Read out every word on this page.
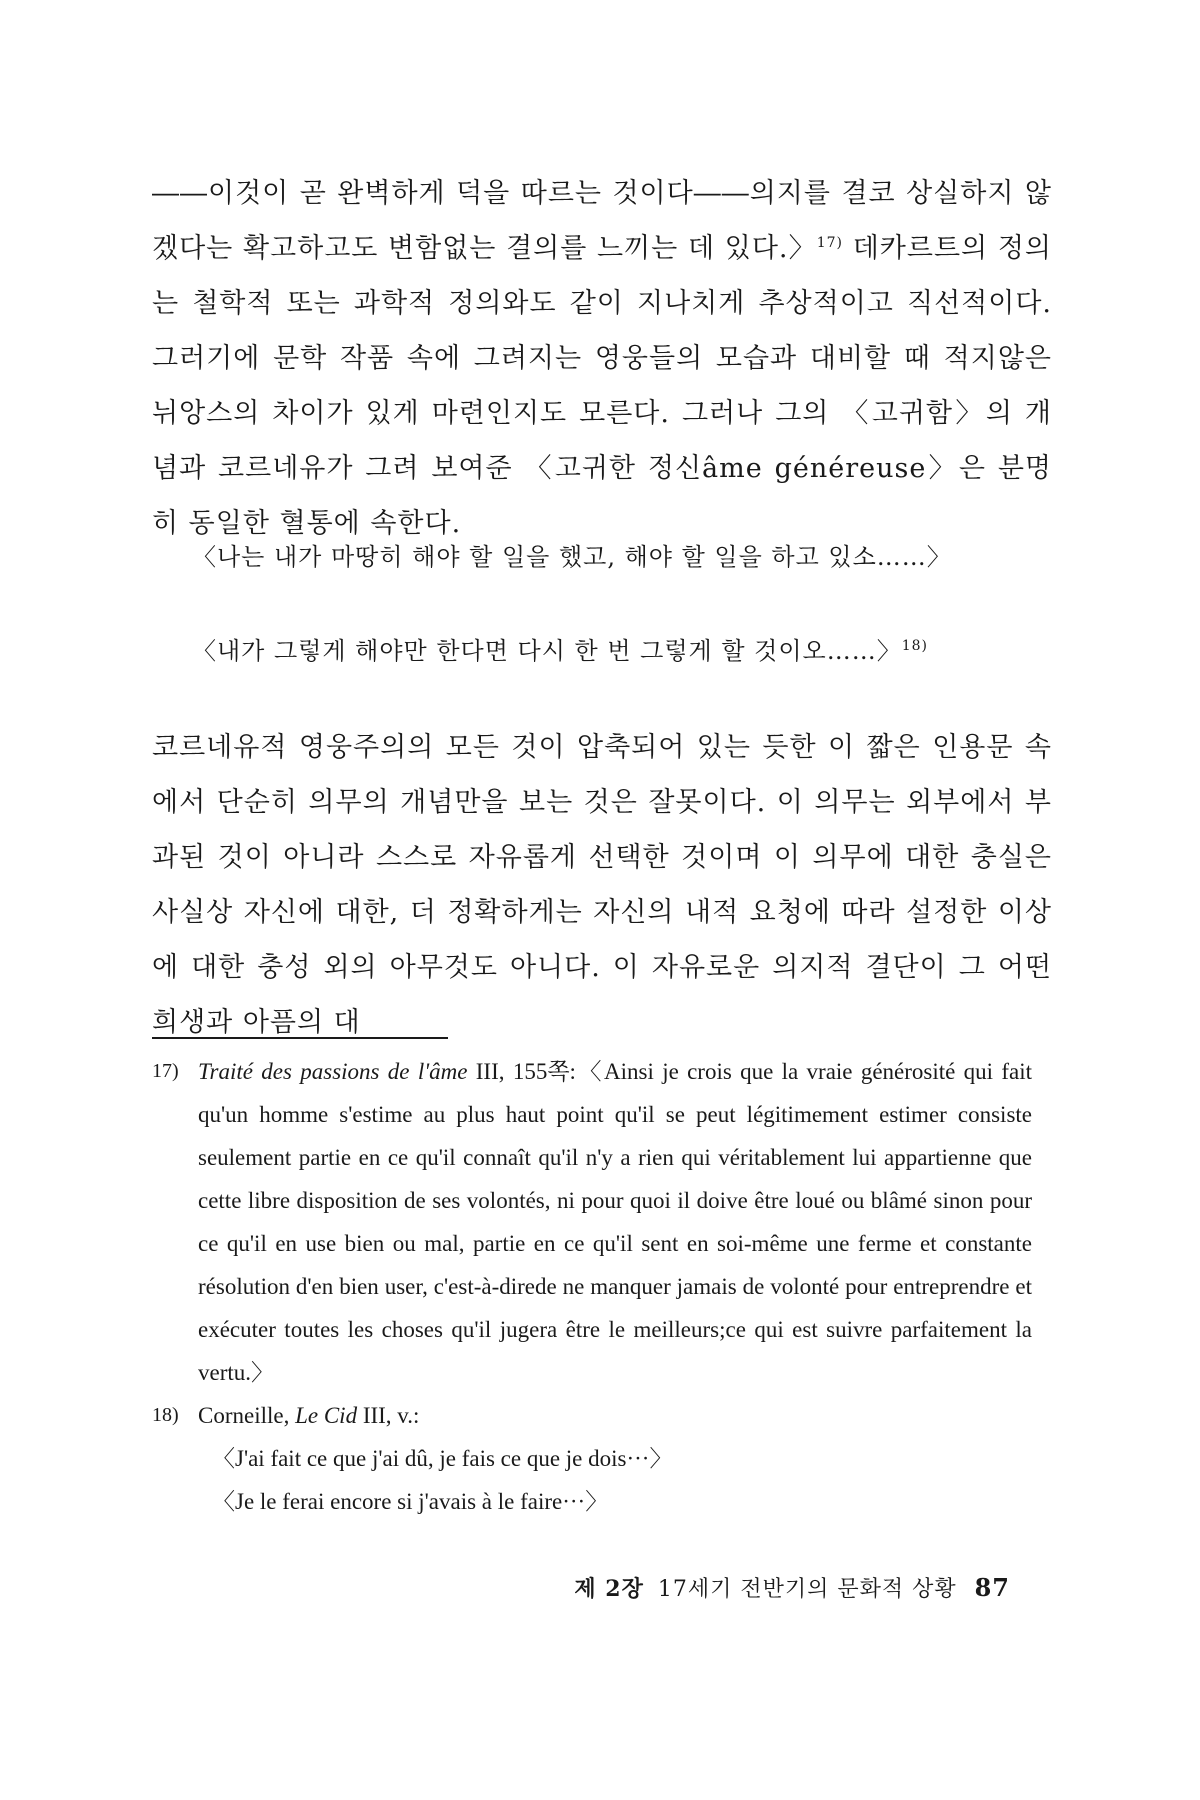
――이것이 곧 완벽하게 덕을 따르는 것이다――의지를 결코 상실하지 않겠다는 확고하고도 변함없는 결의를 느끼는 데 있다.〉$^{17)}$ 데카르트의 정의는 철학적 또는 과학적 정의와도 같이 지나치게 추상적이고 직선적이다. 그러기에 문학 작품 속에 그려지는 영웅들의 모습과 대비할 때 적지않은 뉘앙스의 차이가 있게 마련인지도 모른다. 그러나 그의 〈고귀함〉의 개념과 코르네유가 그려 보여준 〈고귀한 정신âme généreuse〉은 분명히 동일한 혈통에 속한다.

〈나는 내가 마땅히 해야 할 일을 했고, 해야 할 일을 하고 있소……〉

〈내가 그렇게 해야만 한다면 다시 한 번 그렇게 할 것이오……〉$^{18)}$

코르네유적 영웅주의의 모든 것이 압축되어 있는 듯한 이 짧은 인용문 속에서 단순히 의무의 개념만을 보는 것은 잘못이다. 이 의무는 외부에서 부과된 것이 아니라 스스로 자유롭게 선택한 것이며 이 의무에 대한 충실은 사실상 자신에 대한, 더 정확하게는 자신의 내적 요청에 따라 설정한 이상에 대한 충성 외의 아무것도 아니다. 이 자유로운 의지적 결단이 그 어떤 희생과 아픔의 대

17) Traité des passions de l'âme III, 155쪽:〈Ainsi je crois que la vraie générosité qui fait qu'un homme s'estime au plus haut point qu'il se peut légitimement estimer consiste seulement partie en ce qu'il connaît qu'il n'y a rien qui véritablement lui appartienne que cette libre disposition de ses volontés, ni pour quoi il doive être loué ou blâmé sinon pour ce qu'il en use bien ou mal, partie en ce qu'il sent en soi-même une ferme et constante résolution d'en bien user, c'est-à-direde ne manquer jamais de volonté pour entreprendre et exécuter toutes les choses qu'il jugera être le meilleurs;ce qui est suivre parfaitement la vertu.〉
18) Corneille, Le Cid III, v.:
〈J'ai fait ce que j'ai dû, je fais ce que je dois···〉
〈Je le ferai encore si j'avais à le faire···〉
제 2장 17세기 전반기의 문화적 상황 87
